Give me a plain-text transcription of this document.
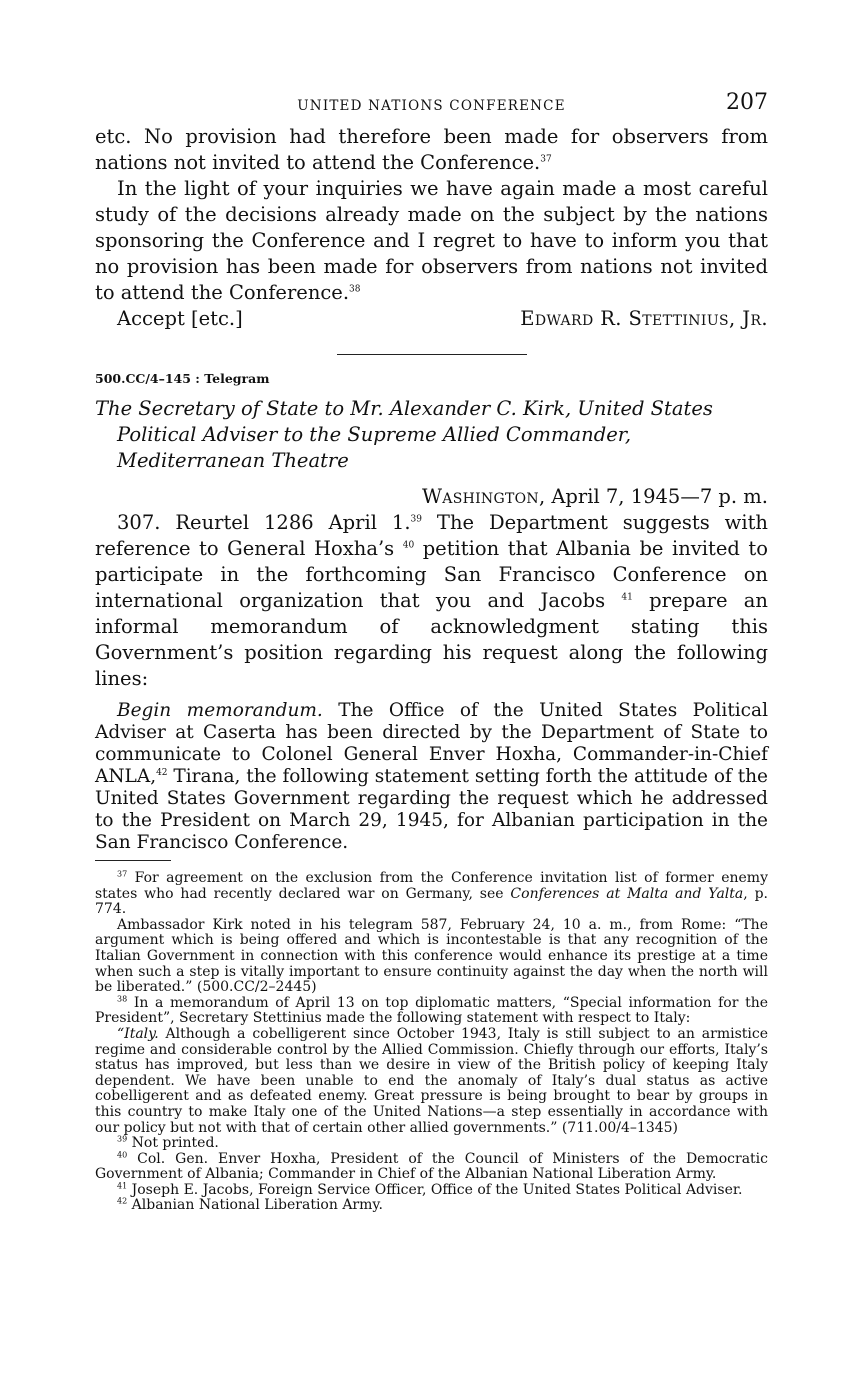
UNITED NATIONS CONFERENCE	207

etc. No provision had therefore been made for observers from nations not invited to attend the Conference.$^{37}$

In the light of your inquiries we have again made a most careful study of the decisions already made on the subject by the nations sponsoring the Conference and I regret to have to inform you that no provision has been made for observers from nations not invited to attend the Conference.$^{38}$

Accept [etc.]	Edward R. Stettinius, Jr.
500.CC/4–145 : Telegram

The Secretary of State to Mr. Alexander C. Kirk, United States Political Adviser to the Supreme Allied Commander, Mediterranean Theatre

Washington, April 7, 1945—7 p. m.

307. Reurtel 1286 April 1.39 The Department suggests with reference to General Hoxha’s $^{40}$ petition that Albania be invited to participate in the forthcoming San Francisco Conference on international organization that you and Jacobs $^{41}$ prepare an informal memorandum of acknowledgment stating this Government’s position regarding his request along the following lines:

Begin memorandum. The Office of the United States Political Adviser at Caserta has been directed by the Department of State to communicate to Colonel General Enver Hoxha, Commander-in-Chief ANLA,$^{42}$ Tirana, the following statement setting forth the attitude of the United States Government regarding the request which he addressed to the President on March 29, 1945, for Albanian participation in the San Francisco Conference.

$^{37}$ For agreement on the exclusion from the Conference invitation list of former enemy states who had recently declared war on Germany, see Conferences at Malta and Yalta, p. 774.

Ambassador Kirk noted in his telegram 587, February 24, 10 a. m., from Rome: “The argument which is being offered and which is incontestable is that any recognition of the Italian Government in connection with this conference would enhance its prestige at a time when such a step is vitally important to ensure continuity against the day when the north will be liberated.” (500.CC/2–2445)

$^{38}$ In a memorandum of April 13 on top diplomatic matters, “Special information for the President”, Secretary Stettinius made the following statement with respect to Italy:

“Italy. Although a cobelligerent since October 1943, Italy is still subject to an armistice regime and considerable control by the Allied Commission. Chiefly through our efforts, Italy’s status has improved, but less than we desire in view of the British policy of keeping Italy dependent. We have been unable to end the anomaly of Italy’s dual status as active cobelligerent and as defeated enemy. Great pressure is being brought to bear by groups in this country to make Italy one of the United Nations—a step essentially in accordance with our policy but not with that of certain other allied governments.” (711.00/4–1345)

$^{39}$ Not printed.

$^{40}$ Col. Gen. Enver Hoxha, President of the Council of Ministers of the Democratic Government of Albania; Commander in Chief of the Albanian National Liberation Army.

$^{41}$ Joseph E. Jacobs, Foreign Service Officer, Office of the United States Political Adviser.

$^{42}$ Albanian National Liberation Army.
